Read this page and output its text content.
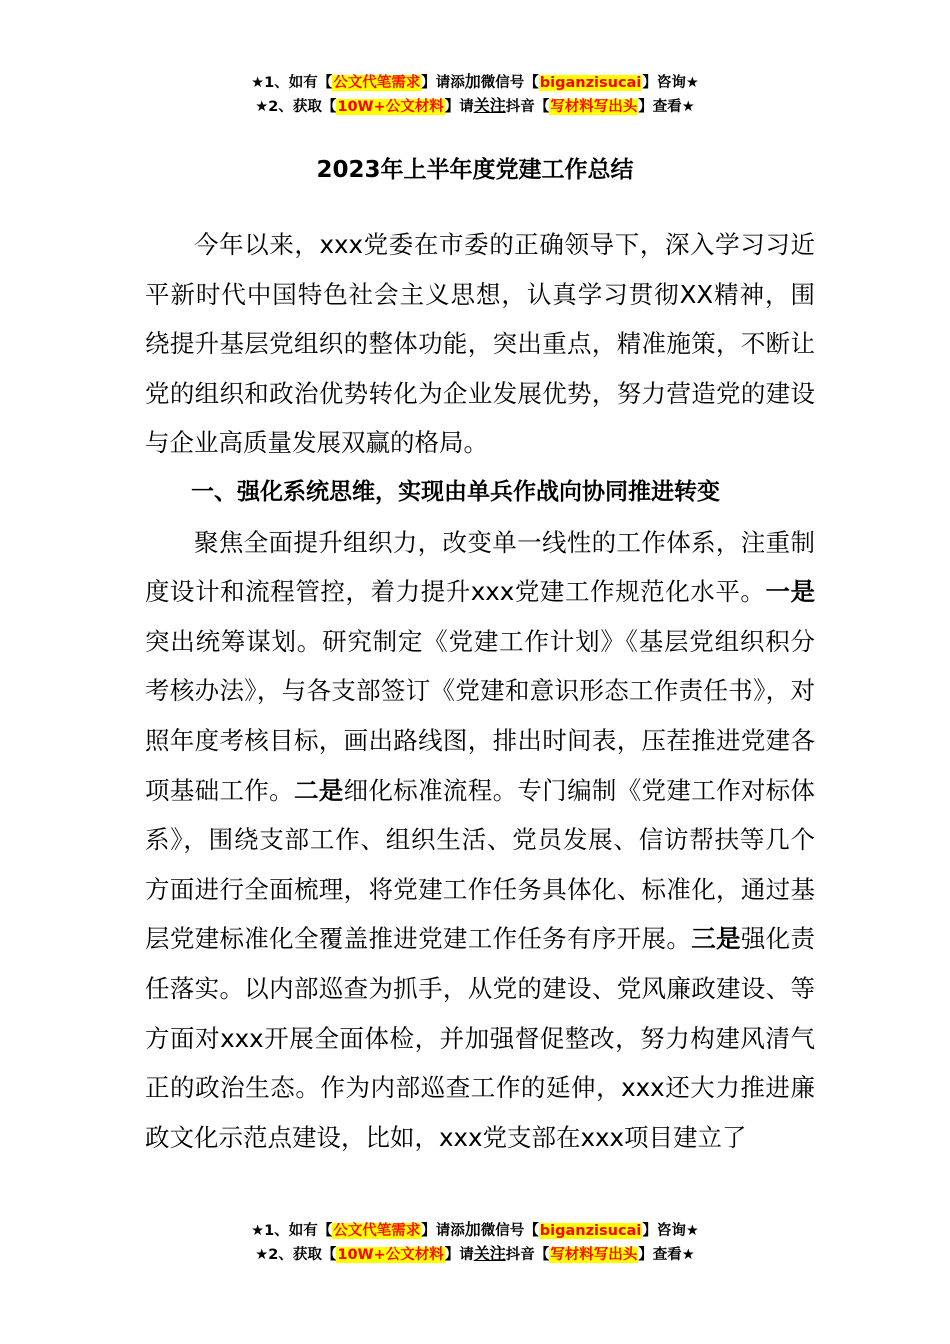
★1、如有【公文代笔需求】请添加微信号【biganzisucai】咨询★
★2、获取【10W+公文材料】请关注抖音【写材料写出头】查看★
2023年上半年度党建工作总结

今年以来，xxx党委在市委的正确领导下，深入学习习近平新时代中国特色社会主义思想，认真学习贯彻XX精神，围绕提升基层党组织的整体功能，突出重点，精准施策，不断让党的组织和政治优势转化为企业发展优势，努力营造党的建设与企业高质量发展双赢的格局。

一、强化系统思维，实现由单兵作战向协同推进转变

聚焦全面提升组织力，改变单一线性的工作体系，注重制度设计和流程管控，着力提升xxx党建工作规范化水平。一是突出统筹谋划。研究制定《党建工作计划》《基层党组织积分考核办法》，与各支部签订《党建和意识形态工作责任书》，对照年度考核目标，画出路线图，排出时间表，压茬推进党建各项基础工作。二是细化标准流程。专门编制《党建工作对标体系》，围绕支部工作、组织生活、党员发展、信访帮扶等几个方面进行全面梳理，将党建工作任务具体化、标准化，通过基层党建标准化全覆盖推进党建工作任务有序开展。三是强化责任落实。以内部巡查为抓手，从党的建设、党风廉政建设、等方面对xxx开展全面体检，并加强督促整改，努力构建风清气正的政治生态。作为内部巡查工作的延伸，xxx还大力推进廉政文化示范点建设，比如，xxx党支部在xxx项目建立了

★1、如有【公文代笔需求】请添加微信号【biganzisucai】咨询★
★2、获取【10W+公文材料】请关注抖音【写材料写出头】查看★
